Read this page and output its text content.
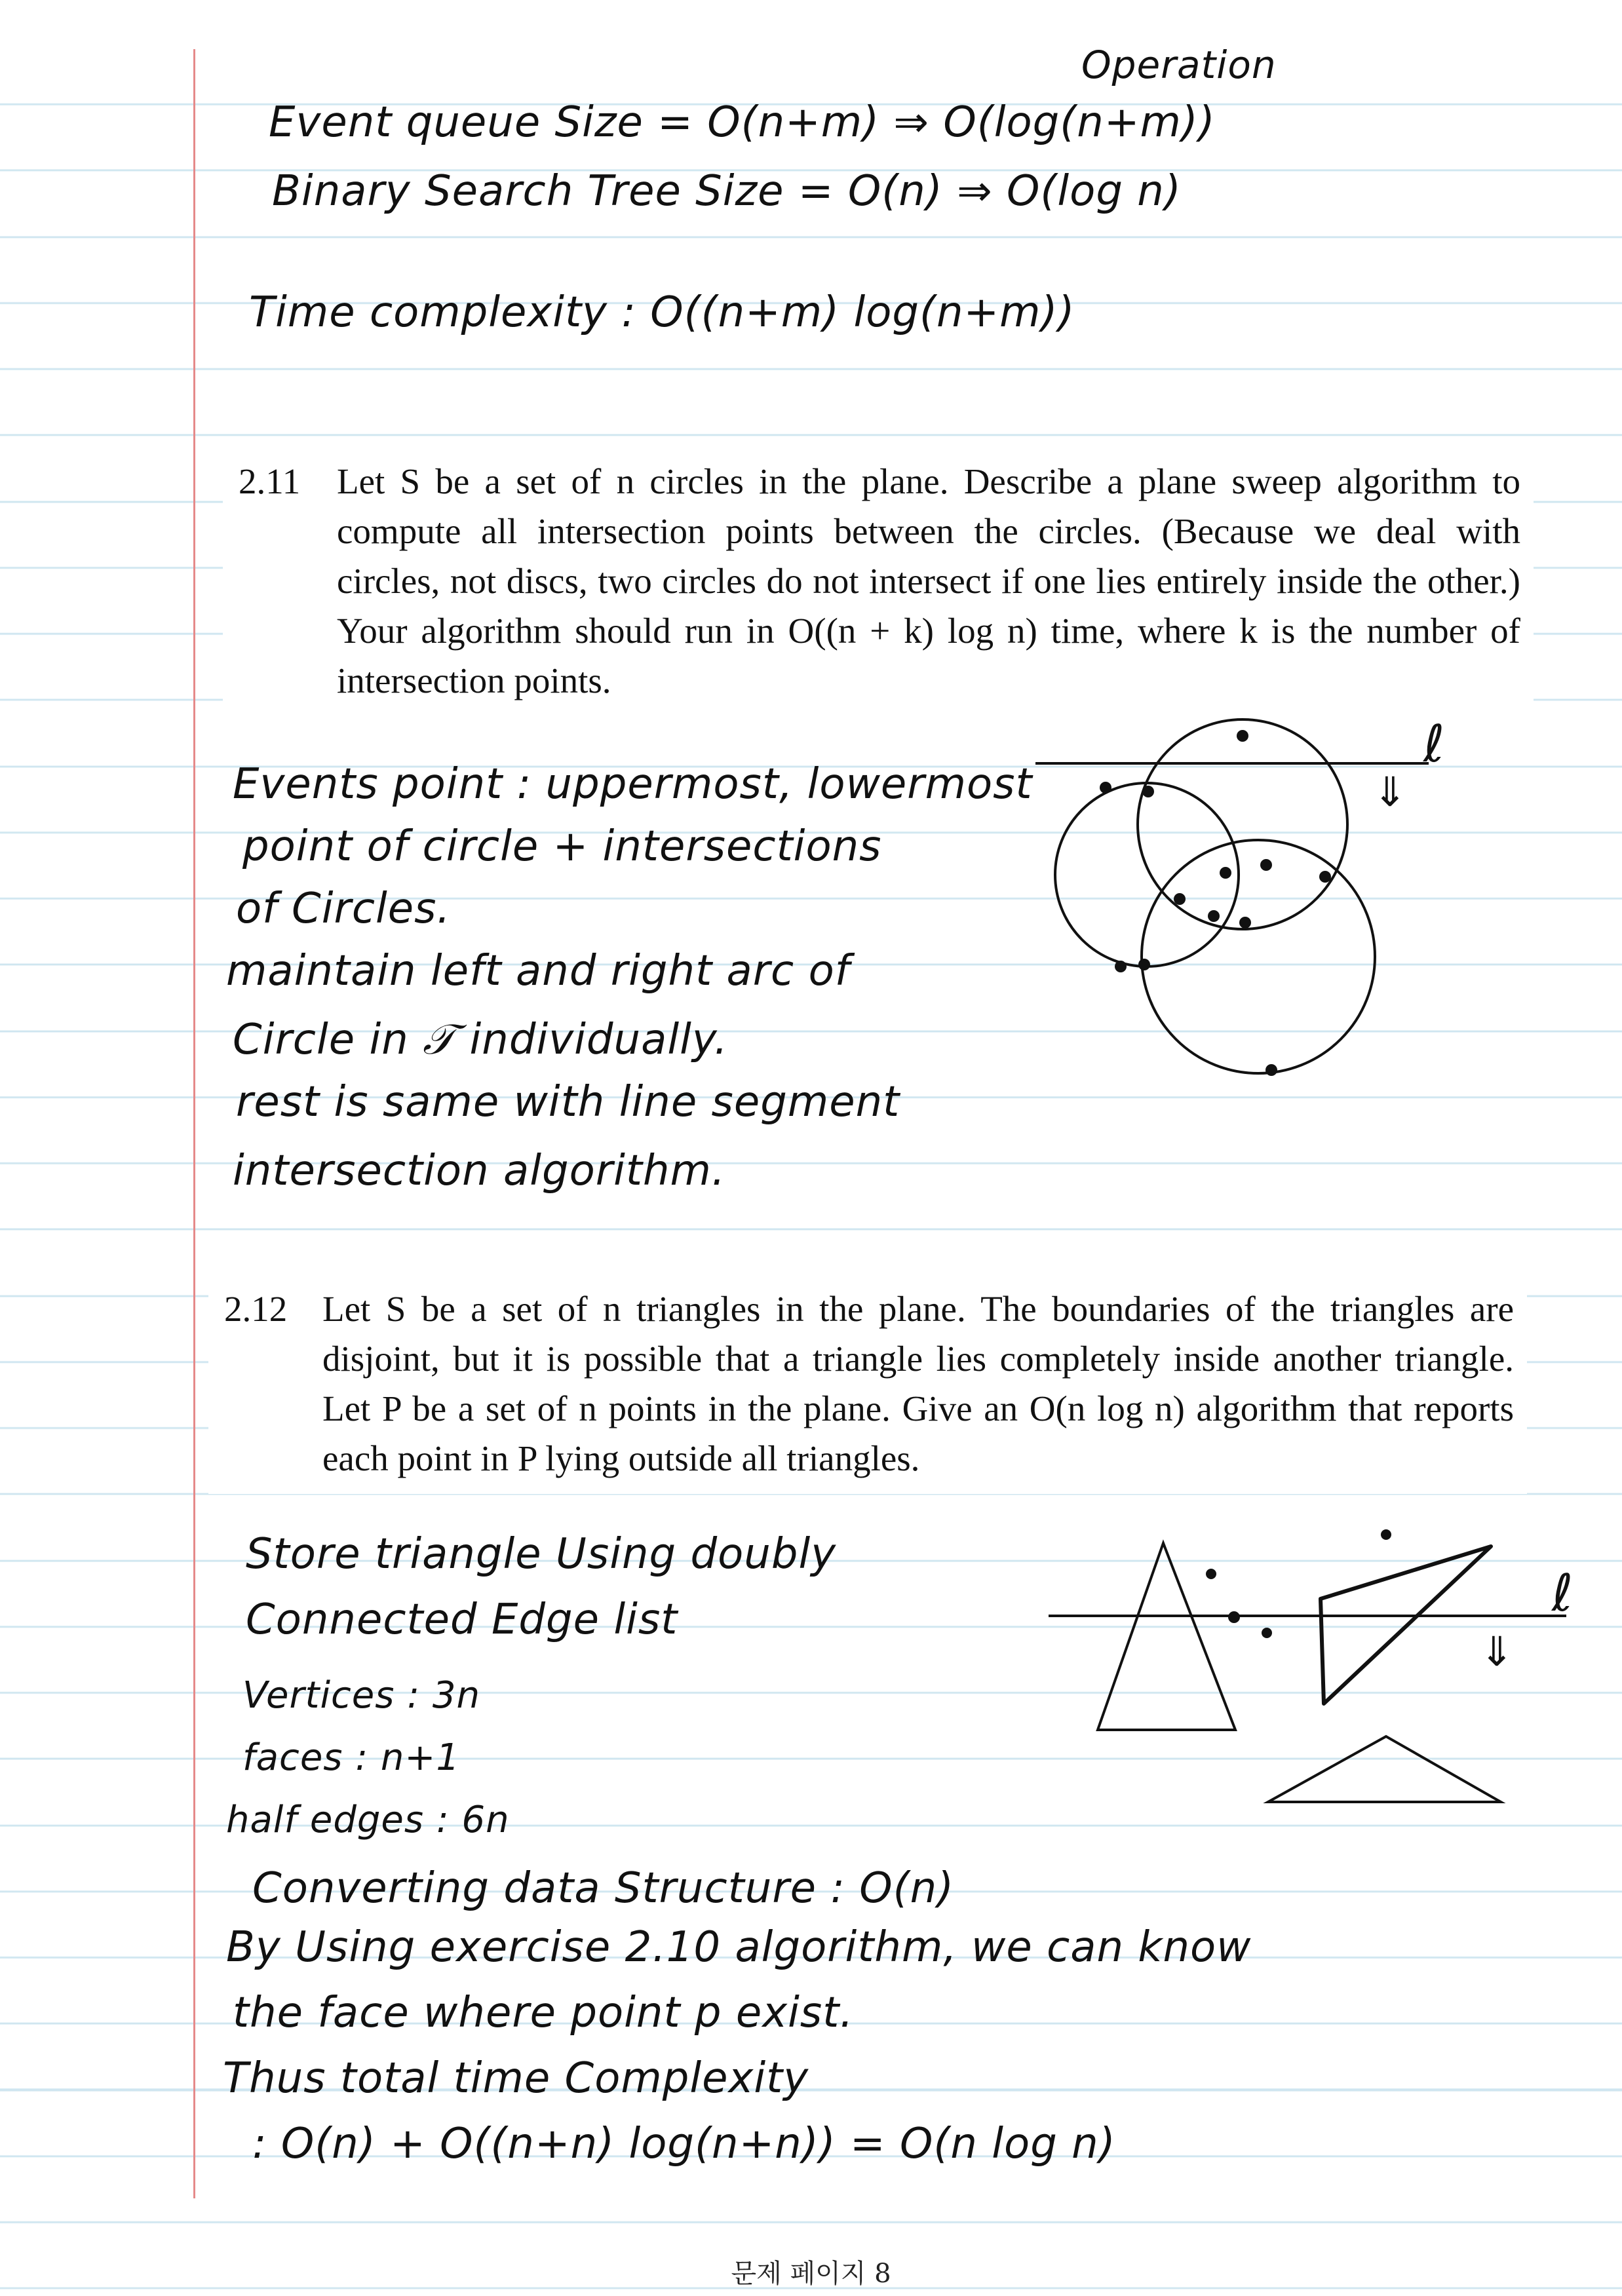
Operation
Event queue Size = O(n+m) ⇒ O(log(n+m))
Binary Search Tree Size = O(n) ⇒ O(log n)
Time complexity : O((n+m) log(n+m))
2.11 Let S be a set of n circles in the plane. Describe a plane sweep algorithm to compute all intersection points between the circles. (Because we deal with circles, not discs, two circles do not intersect if one lies entirely inside the other.) Your algorithm should run in O((n + k) log n) time, where k is the number of intersection points.
Events point : uppermost, lowermost
point of circle + intersections
of Circles.
maintain left and right arc of
Circle in 𝒯 individually.
rest is same with line segment
intersection algorithm.
⇓
ℓ
2.12 Let S be a set of n triangles in the plane. The boundaries of the triangles are disjoint, but it is possible that a triangle lies completely inside another triangle. Let P be a set of n points in the plane. Give an O(n log n) algorithm that reports each point in P lying outside all triangles.
Store triangle Using doubly
Connected Edge list
Vertices : 3n
faces : n+1
half edges : 6n
Converting data Structure : O(n)
By Using exercise 2.10 algorithm, we can know
the face where point p exist.
Thus total time Complexity
: O(n) + O((n+n) log(n+n)) = O(n log n)
⇓
ℓ
문제 페이지 8
